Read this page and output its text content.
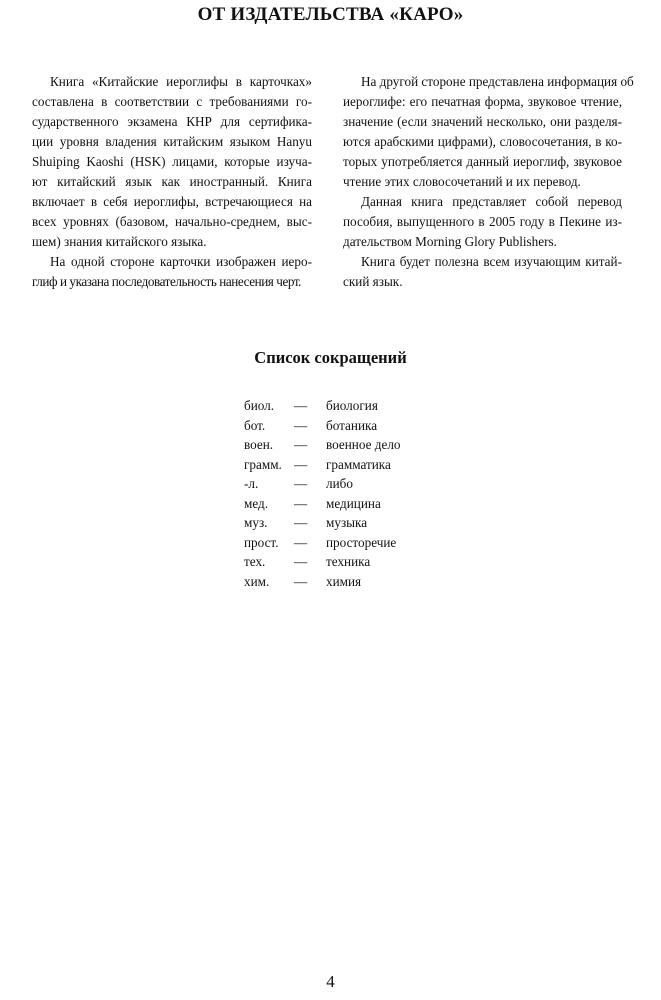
ОТ ИЗДАТЕЛЬСТВА «КАРО»
Книга «Китайские иероглифы в карточках»
составлена в соответствии с требованиями го-
сударственного экзамена КНР для сертифика-
ции уровня владения китайским языком Hanyu
Shuiping Kaoshi (HSK) лицами, которые изуча-
ют китайский язык как иностранный. Книга
включает в себя иероглифы, встречающиеся на
всех уровнях (базовом, начально-среднем, выс-
шем) знания китайского языка.
На одной стороне карточки изображен иеро-
глиф и указана последовательность нанесения черт.
На другой стороне представлена информация об
иероглифе: его печатная форма, звуковое чтение,
значение (если значений несколько, они разделя-
ются арабскими цифрами), словосочетания, в ко-
торых употребляется данный иероглиф, звуковое
чтение этих словосочетаний и их перевод.
Данная книга представляет собой перевод
пособия, выпущенного в 2005 году в Пекине из-
дательством Morning Glory Publishers.
Книга будет полезна всем изучающим китай-
ский язык.
Список сокращений
биол. — биология
бот. — ботаника
воен. — военное дело
грамм. — грамматика
-л.	— либо
мед. — медицина
муз. — музыка
прост. — просторечие
тех. — техника
хим. — химия
4
